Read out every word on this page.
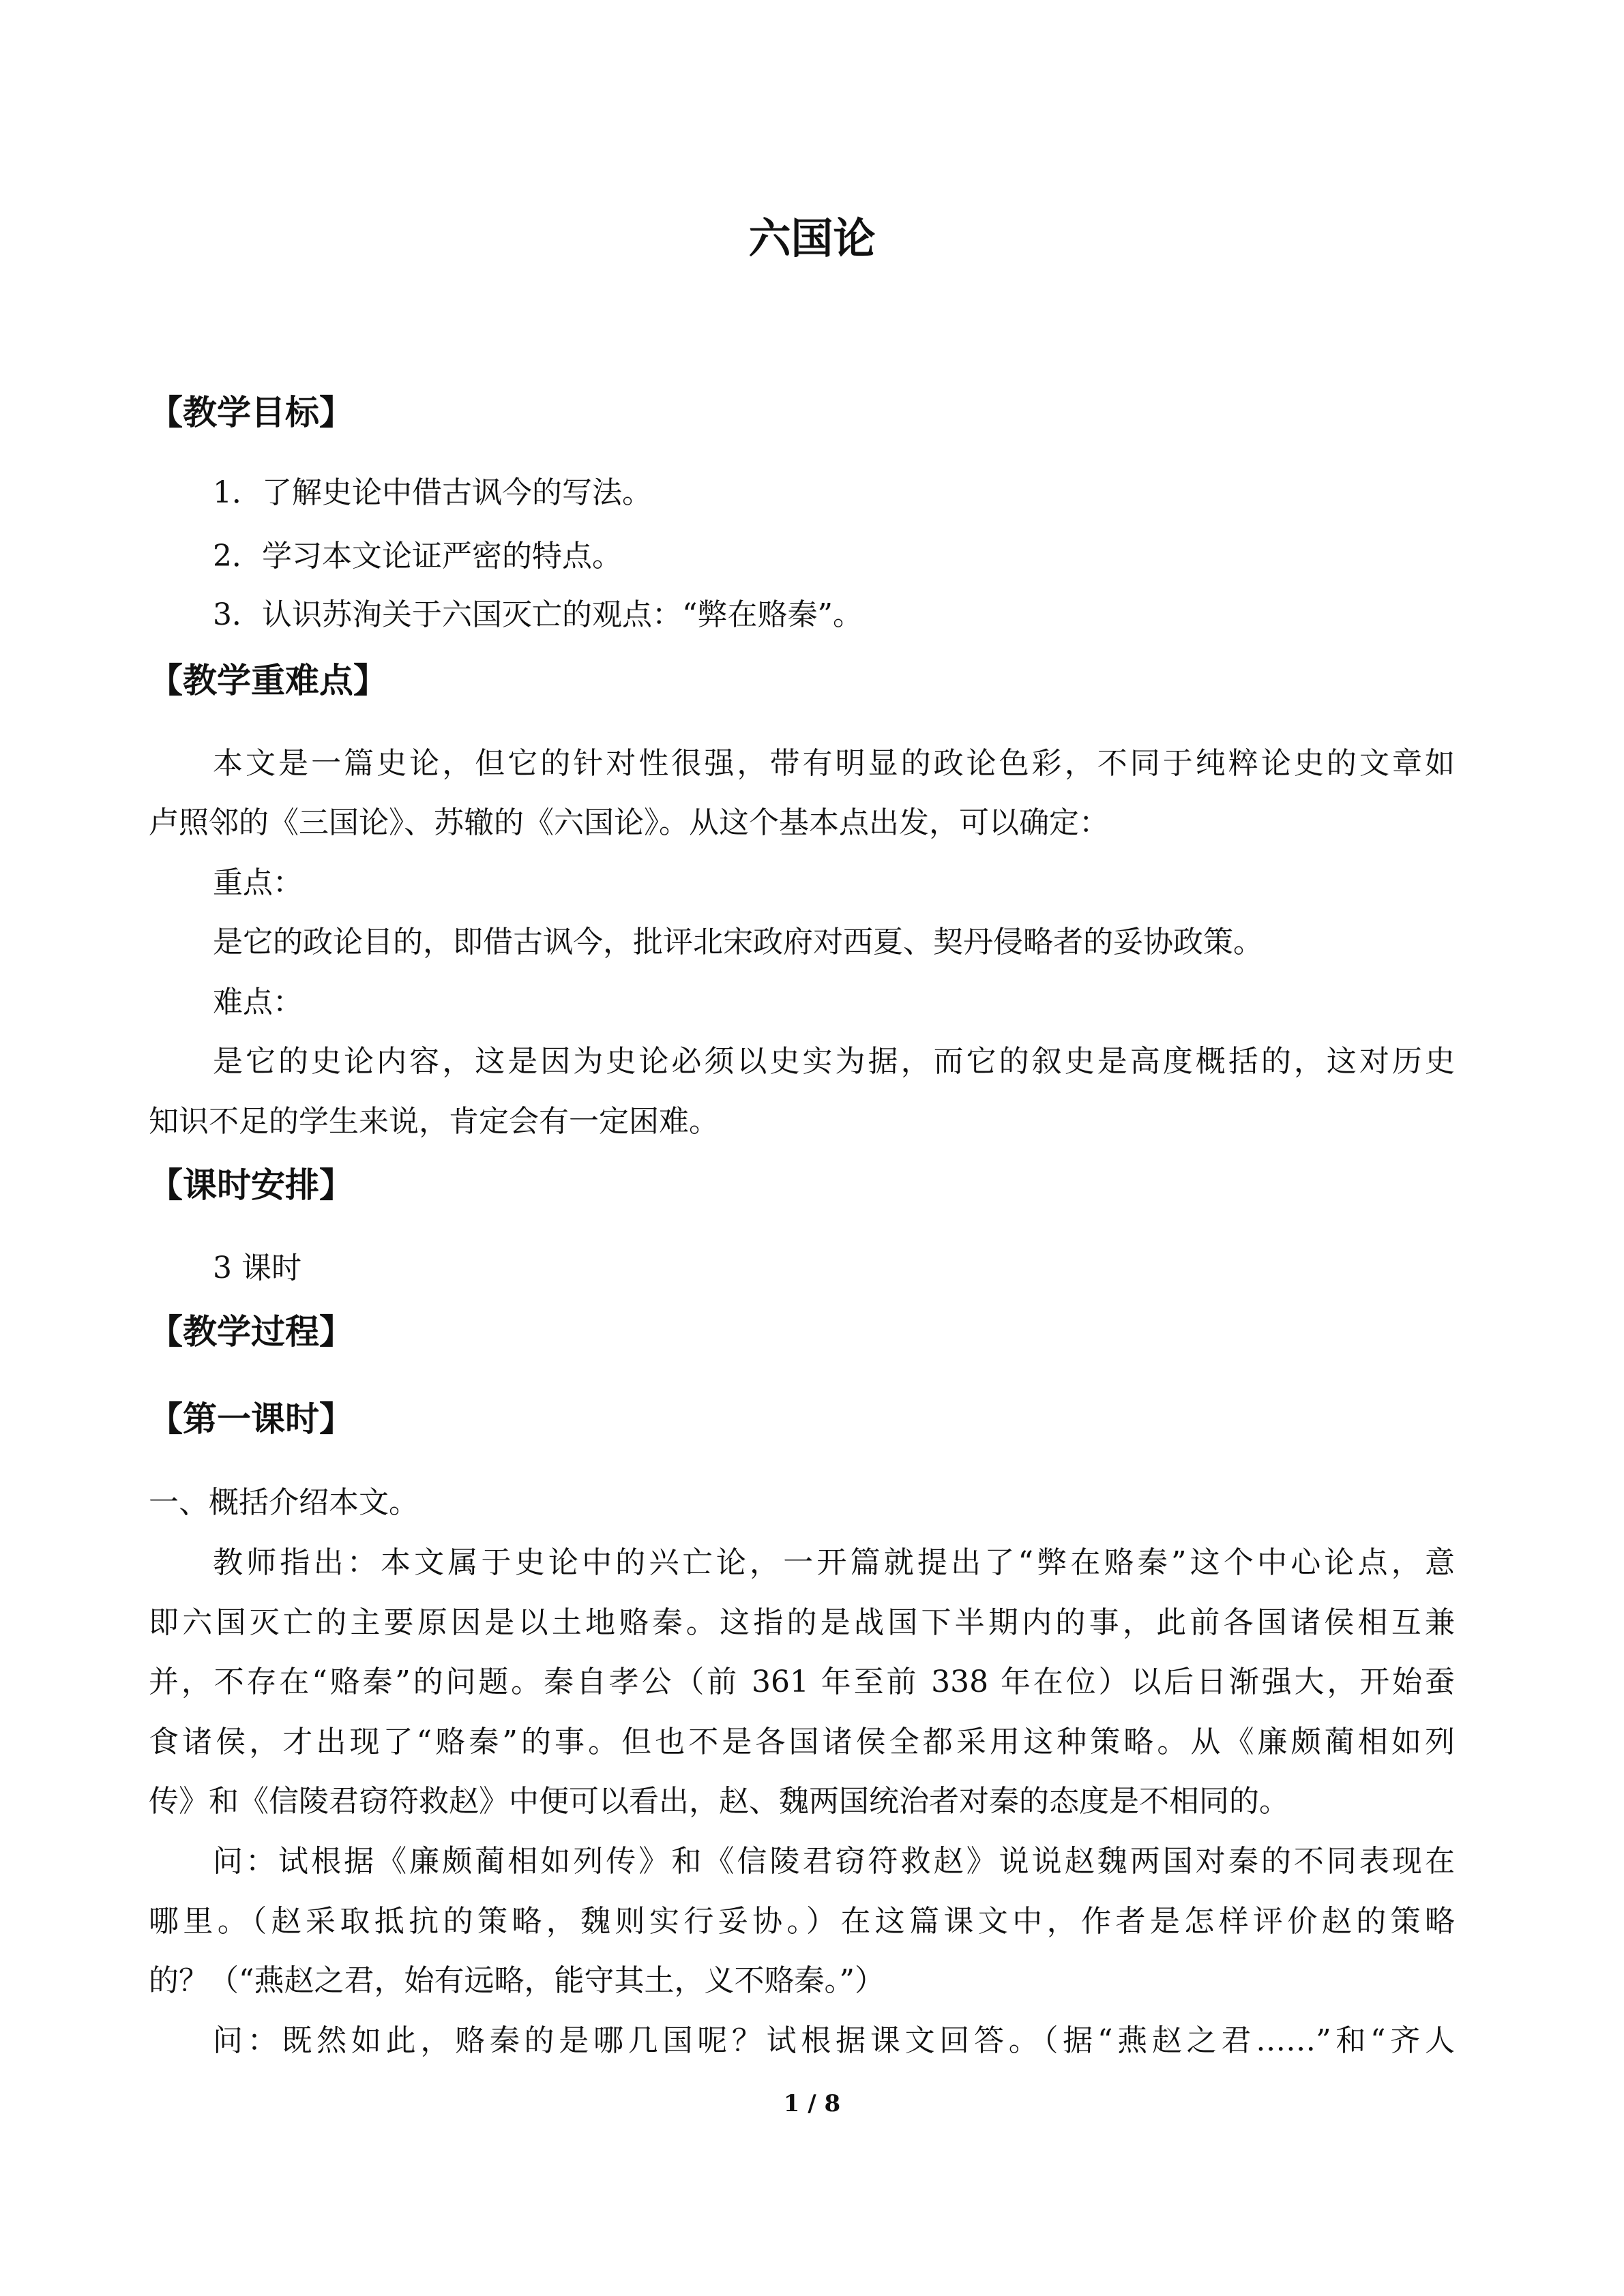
六国论
【教学目标】

1．了解史论中借古讽今的写法。

2．学习本文论证严密的特点。

3．认识苏洵关于六国灭亡的观点：“弊在赂秦”。

【教学重难点】

本文是一篇史论，但它的针对性很强，带有明显的政论色彩，不同于纯粹论史的文章如

卢照邻的《三国论》、苏辙的《六国论》。从这个基本点出发，可以确定：

重点：

是它的政论目的，即借古讽今，批评北宋政府对西夏、契丹侵略者的妥协政策。

难点：

是它的史论内容，这是因为史论必须以史实为据，而它的叙史是高度概括的，这对历史

知识不足的学生来说，肯定会有一定困难。

【课时安排】

3 课时

【教学过程】
【第一课时】

一、概括介绍本文。

教师指出：本文属于史论中的兴亡论，一开篇就提出了“弊在赂秦”这个中心论点，意

即六国灭亡的主要原因是以土地赂秦。这指的是战国下半期内的事，此前各国诸侯相互兼

并，不存在“赂秦”的问题。秦自孝公（前 361 年至前 338 年在位）以后日渐强大，开始蚕

食诸侯，才出现了“赂秦”的事。但也不是各国诸侯全都采用这种策略。从《廉颇蔺相如列

传》和《信陵君窃符救赵》中便可以看出，赵、魏两国统治者对秦的态度是不相同的。

问：试根据《廉颇蔺相如列传》和《信陵君窃符救赵》说说赵魏两国对秦的不同表现在

哪里。（赵采取抵抗的策略，魏则实行妥协。）在这篇课文中，作者是怎样评价赵的策略

的？（“燕赵之君，始有远略，能守其土，义不赂秦。”）

问：既然如此，赂秦的是哪几国呢？试根据课文回答。（据“燕赵之君……”和“齐人

1 / 8
